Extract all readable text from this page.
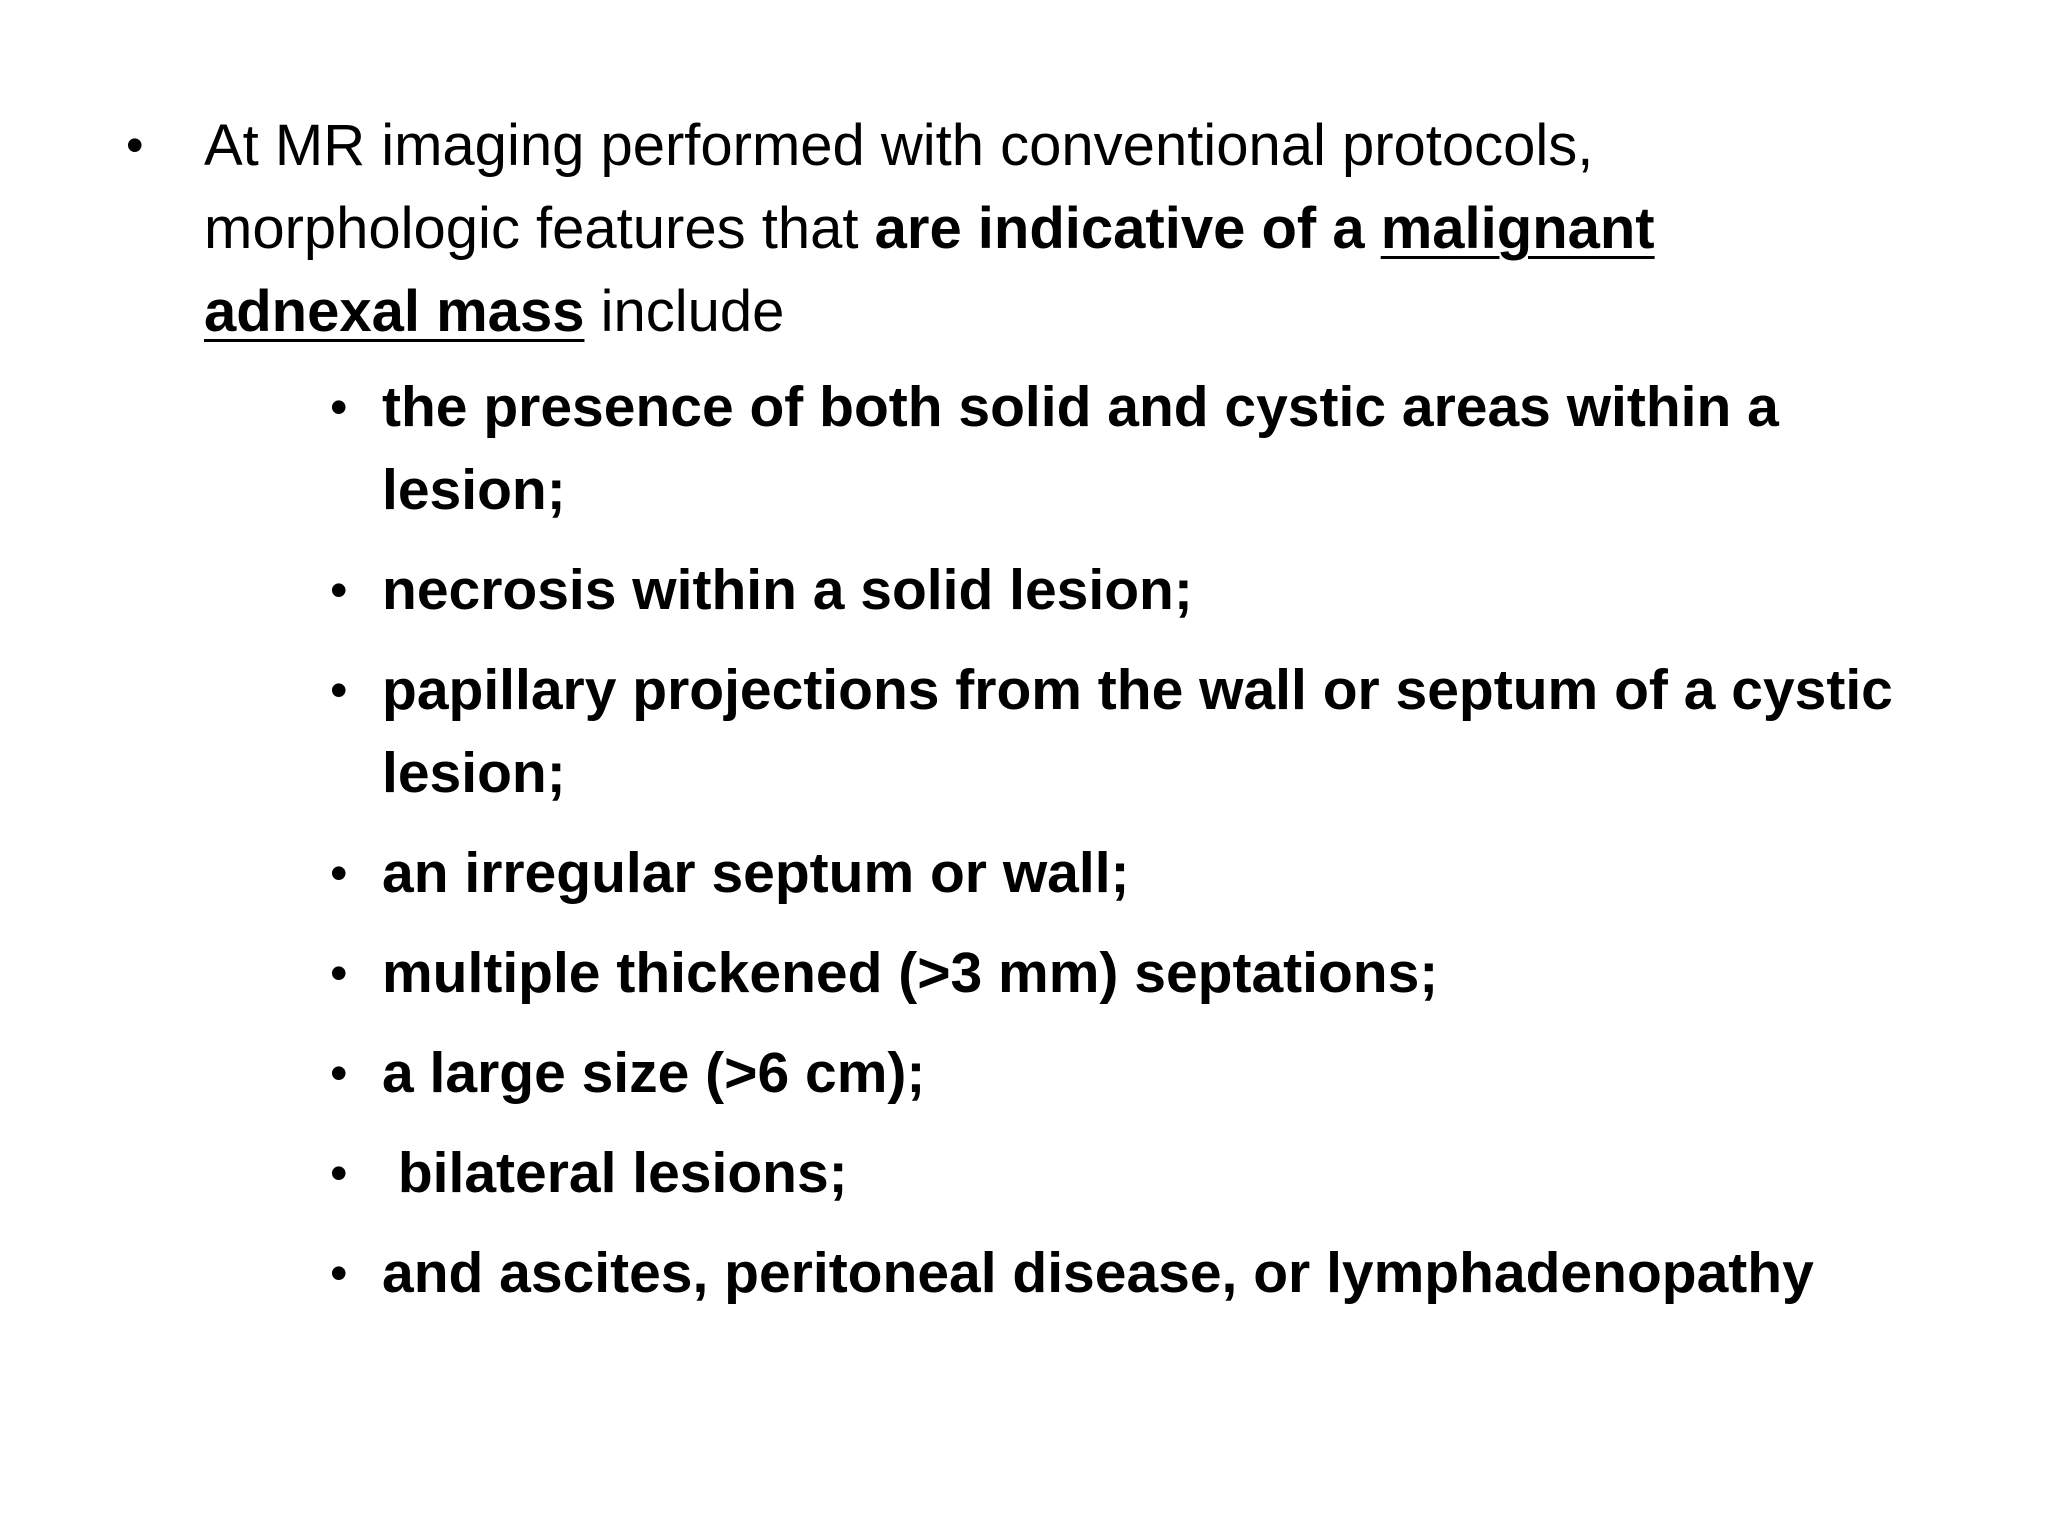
• At MR imaging performed with conventional protocols, morphologic features that are indicative of a malignant adnexal mass include
• the presence of both solid and cystic areas within a lesion;
• necrosis within a solid lesion;
• papillary projections from the wall or septum of a cystic lesion;
• an irregular septum or wall;
• multiple thickened (>3 mm) septations;
• a large size (>6 cm);
• bilateral lesions;
• and ascites, peritoneal disease, or lymphadenopathy
